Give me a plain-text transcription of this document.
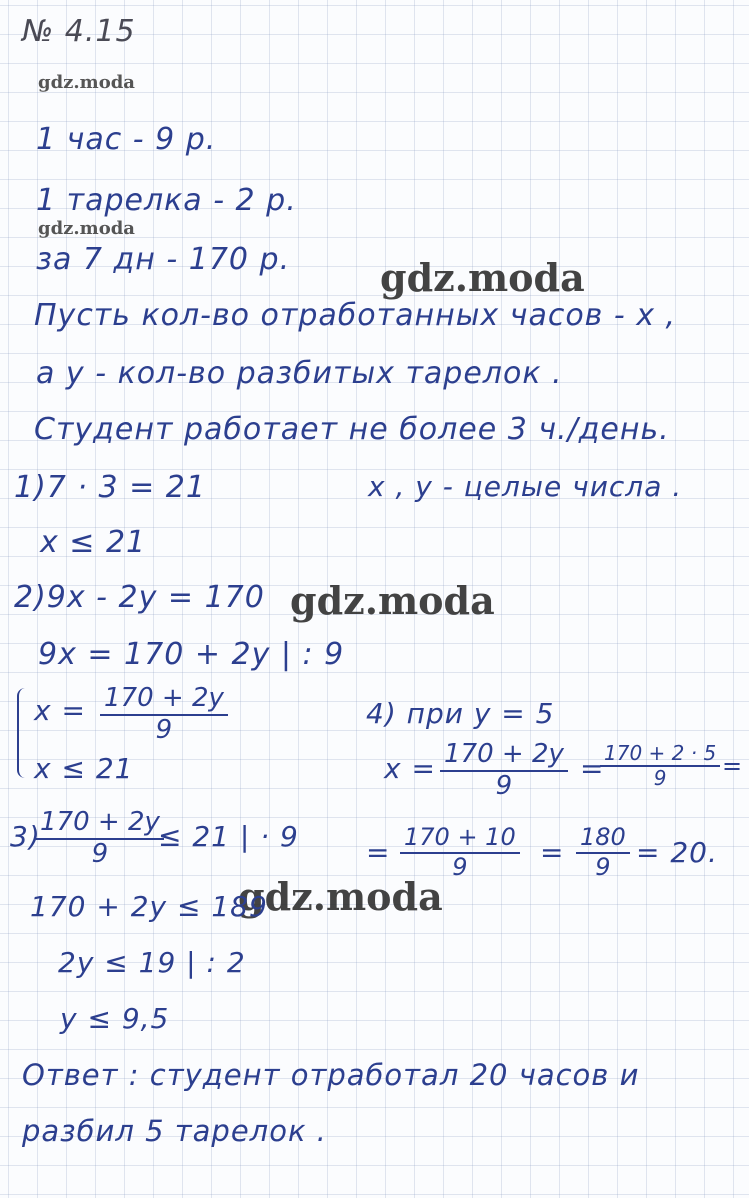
№ 4.15
gdz.moda
gdz.moda
gdz.moda
gdz.moda
gdz.moda
1 час - 9 р.
1 тарелка - 2 р.
за 7 дн - 170 р.
Пусть кол-во отработанных часов - х ,
а у - кол-во разбитых тарелок .
Студент работает не более 3 ч./день.
1)7 · 3 = 21	х , у - целые числа .
х ≤ 21
2)9х - 2у = 170
9х = 170 + 2у | : 9
х = 170 + 2у
9
х ≤ 21
4) при у = 5
х = 170 + 2у
9
=
$\frac{170 + 2 \cdot 5}{9}$ =
= $\frac{170 + 10}{9} = \frac{180}{9} = 20$.
3) 170 + 2у
9
≤ 21 | · 9
170 + 2у ≤ 189
2у ≤ 19 | : 2
у ≤ 9,5
Ответ : студент отработал 20 часов и
разбил 5 тарелок .
